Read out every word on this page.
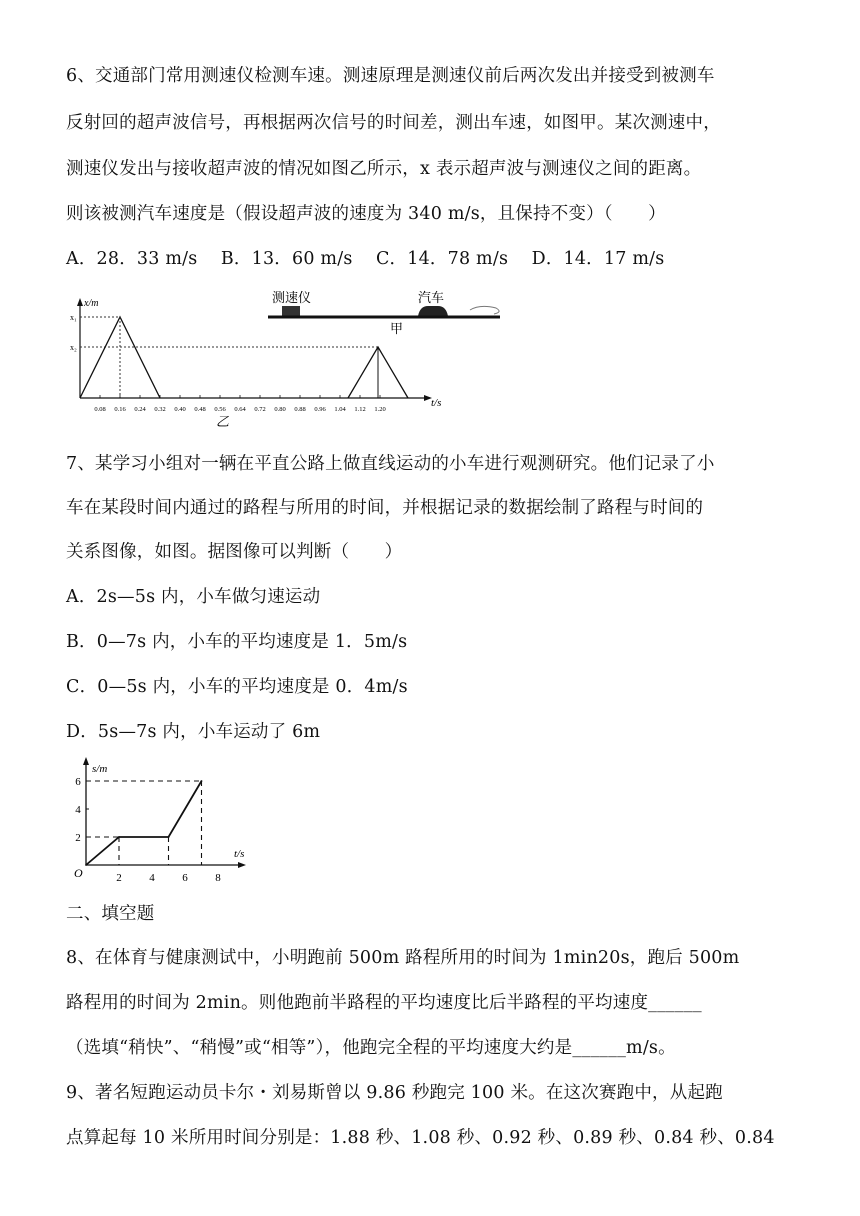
6、交通部门常用测速仪检测车速。测速原理是测速仪前后两次发出并接受到被测车
反射回的超声波信号，再根据两次信号的时间差，测出车速，如图甲。某次测速中，
测速仪发出与接收超声波的情况如图乙所示，x 表示超声波与测速仪之间的距离。
则该被测汽车速度是（假设超声波的速度为 340 m/s，且保持不变）（　　）
A．28．33 m/s　 B．13．60 m/s　 C．14．78 m/s　 D．14．17 m/s
测速仪	汽车
甲
x/m
t/s
x₁
x₂
0.08 0.16 0.24 0.32 0.40 0.48 0.56 0.64 0.72 0.80 0.88 0.96 1.04 1.12 1.20
乙
7、某学习小组对一辆在平直公路上做直线运动的小车进行观测研究。他们记录了小
车在某段时间内通过的路程与所用的时间，并根据记录的数据绘制了路程与时间的
关系图像，如图。据图像可以判断（　　）
A．2s—5s 内，小车做匀速运动
B．0—7s 内，小车的平均速度是 1．5m/s
C．0—5s 内，小车的平均速度是 0．4m/s
D．5s—7s 内，小车运动了 6m
s/m
t/s
O	2	4	6	8
2
4
6
二、填空题
8、在体育与健康测试中，小明跑前 500m 路程所用的时间为 1min20s，跑后 500m
路程用的时间为 2min。则他跑前半路程的平均速度比后半路程的平均速度______
（选填“稍快”、“稍慢”或“相等”），他跑完全程的平均速度大约是______m/s。
9、著名短跑运动员卡尔・刘易斯曾以 9.86 秒跑完 100 米。在这次赛跑中，从起跑
点算起每 10 米所用时间分别是：1.88 秒、1.08 秒、0.92 秒、0.89 秒、0.84 秒、0.84
